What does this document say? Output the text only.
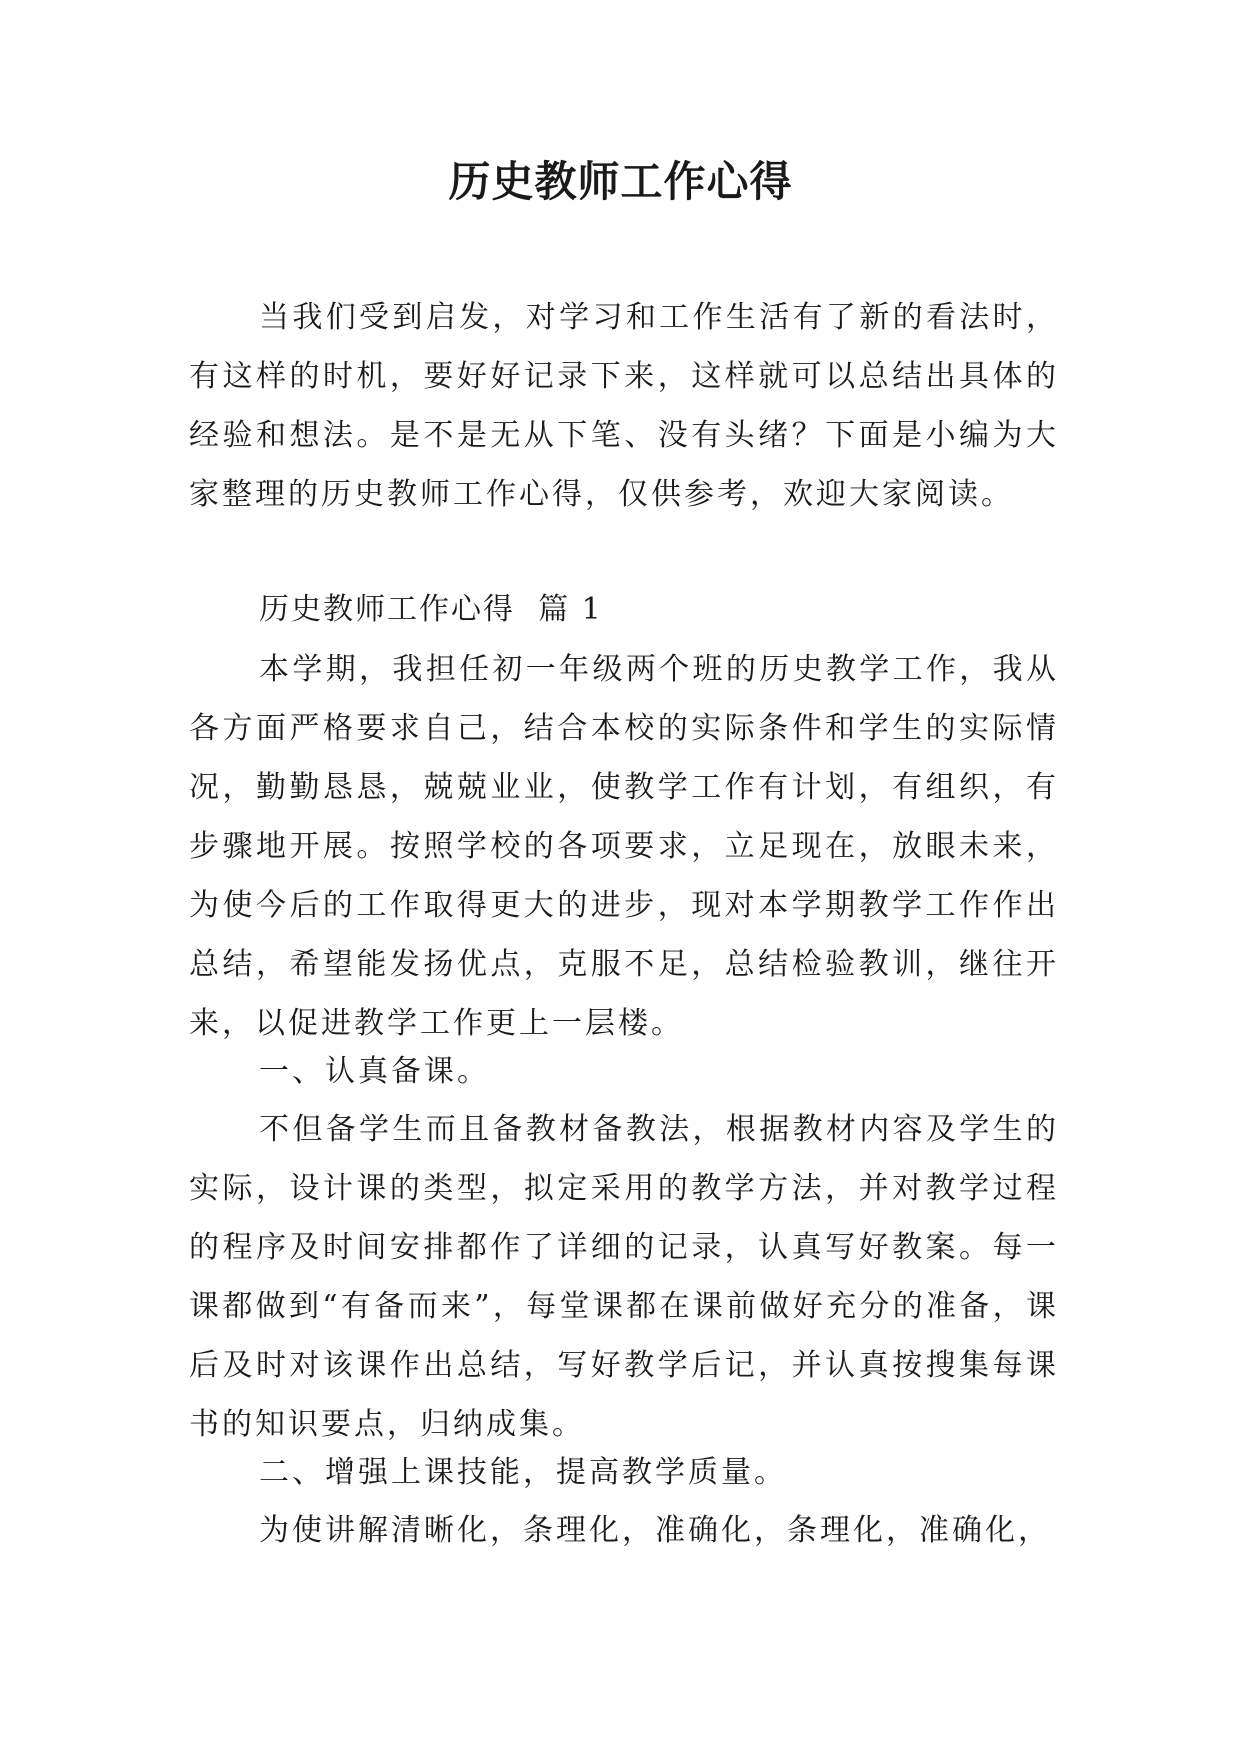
历史教师工作心得

当我们受到启发，对学习和工作生活有了新的看法时，有这样的时机，要好好记录下来，这样就可以总结出具体的经验和想法。是不是无从下笔、没有头绪？下面是小编为大家整理的历史教师工作心得，仅供参考，欢迎大家阅读。

历史教师工作心得  篇 1

本学期，我担任初一年级两个班的历史教学工作，我从各方面严格要求自己，结合本校的实际条件和学生的实际情况，勤勤恳恳，兢兢业业，使教学工作有计划，有组织，有步骤地开展。按照学校的各项要求，立足现在，放眼未来，为使今后的工作取得更大的进步，现对本学期教学工作作出总结，希望能发扬优点，克服不足，总结检验教训，继往开来，以促进教学工作更上一层楼。

一、认真备课。

不但备学生而且备教材备教法，根据教材内容及学生的实际，设计课的类型，拟定采用的教学方法，并对教学过程的程序及时间安排都作了详细的记录，认真写好教案。每一课都做到“有备而来”，每堂课都在课前做好充分的准备，课后及时对该课作出总结，写好教学后记，并认真按搜集每课书的知识要点，归纳成集。

二、增强上课技能，提高教学质量。

为使讲解清晰化，条理化，准确化，条理化，准确化，
